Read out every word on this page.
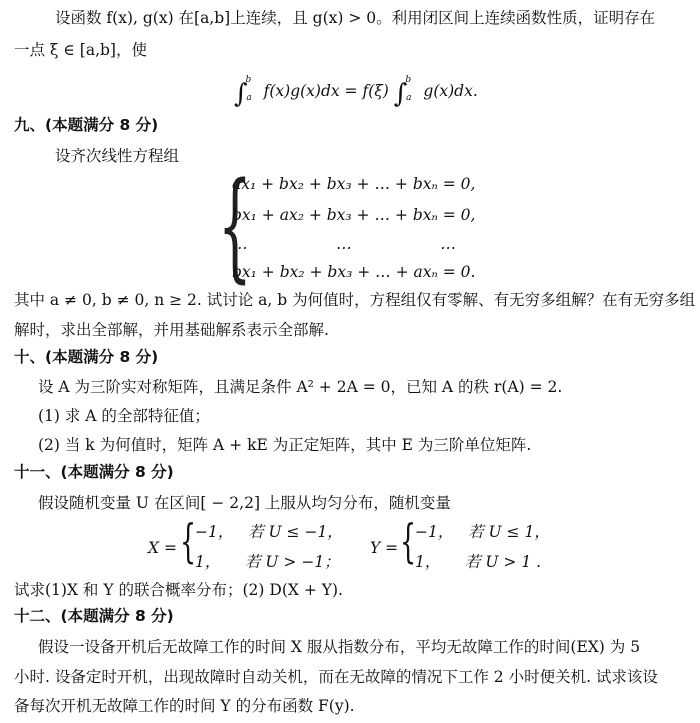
设函数 f(x), g(x) 在[a,b]上连续，且 g(x) > 0。利用闭区间上连续函数性质，证明存在
一点 ξ ∈ [a,b]，使
∫$^b_a$ f(x)g(x)dx = f(ξ) ∫$^b_a$ g(x)dx.
九、(本题满分 8 分)
设齐次线性方程组 {
ax₁ + bx₂ + bx₃ + … + bxₙ = 0,
bx₁ + ax₂ + bx₃ + … + bxₙ = 0,
…                  …                  …
bx₁ + bx₂ + bx₃ + … + axₙ = 0.
其中 a ≠ 0, b ≠ 0, n ≥ 2. 试讨论 a, b 为何值时，方程组仅有零解、有无穷多组解？在有无穷多组
解时，求出全部解，并用基础解系表示全部解.
十、(本题满分 8 分)
设 A 为三阶实对称矩阵，且满足条件 A² + 2A = 0，已知 A 的秩 r(A) = 2.
(1) 求 A 的全部特征值；
(2) 当 k 为何值时，矩阵 A + kE 为正定矩阵，其中 E 为三阶单位矩阵.
十一、(本题满分 8 分)
假设随机变量 U 在区间[ − 2,2] 上服从均匀分布，随机变量
X = {
−1，   若 U ≤ −1，
1，     若 U > −1；
Y = {
−1，   若 U ≤ 1，
1，     若 U > 1 .
试求(1)X 和 Y 的联合概率分布；(2) D(X + Y).
十二、(本题满分 8 分)
假设一设备开机后无故障工作的时间 X 服从指数分布，平均无故障工作的时间(EX) 为 5
小时. 设备定时开机，出现故障时自动关机，而在无故障的情况下工作 2 小时便关机. 试求该设
备每次开机无故障工作的时间 Y 的分布函数 F(y).
